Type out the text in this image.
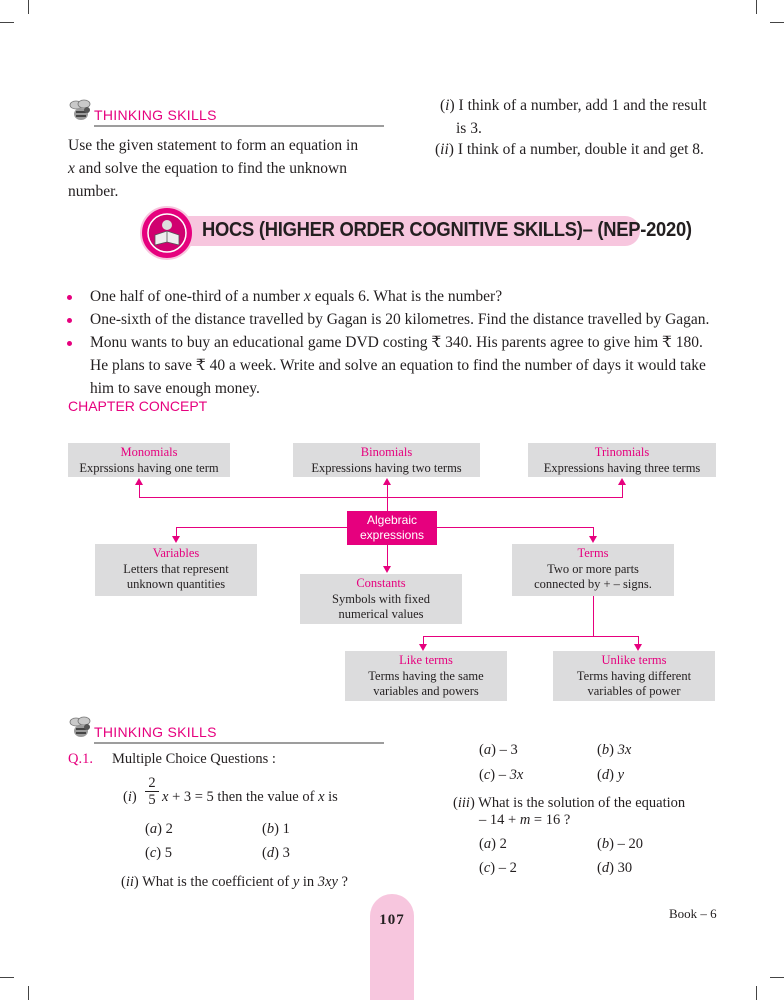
THINKING SKILLS
Use the given statement to form an equation in
x and solve the equation to find the unknown
number.
(i) I think of a number, add 1 and the result
is 3.
(ii) I think of a number, double it and get 8.
HOCS (HIGHER ORDER COGNITIVE SKILLS)– (NEP-2020)
One half of one-third of a number x equals 6. What is the number?
One-sixth of the distance travelled by Gagan is 20 kilometres. Find the distance travelled by Gagan.
Monu wants to buy an educational game DVD costing ₹ 340. His parents agree to give him ₹ 180.
He plans to save ₹ 40 a week. Write and solve an equation to find the number of days it would take
him to save enough money.
CHAPTER CONCEPT
Monomials
Exprssions having one term
Binomials
Expressions having two terms
Trinomials
Expressions having three terms
Algebraic
expressions
Variables
Letters that represent
unknown quantities	Constants
Symbols with fixed
numerical values
Terms
Two or more parts
connected by + – signs.
Like terms
Terms having the same
variables and powers
Unlike terms
Terms having different
variables of power
THINKING SKILLS
Q.1. Multiple Choice Questions :
$(i) \frac{2}{5}$ x + 3 = 5 then the value of x is
(a) 2	(b) 1
(c) 5	(d) 3
(ii) What is the coefficient of y in 3xy ?
(a) – 3	(b) 3x
(c) – 3x	(d) y
(iii) What is the solution of the equation
– 14 + m = 16 ?
(a) 2	(b) – 20
(c) – 2	(d) 30
107	Book – 6
